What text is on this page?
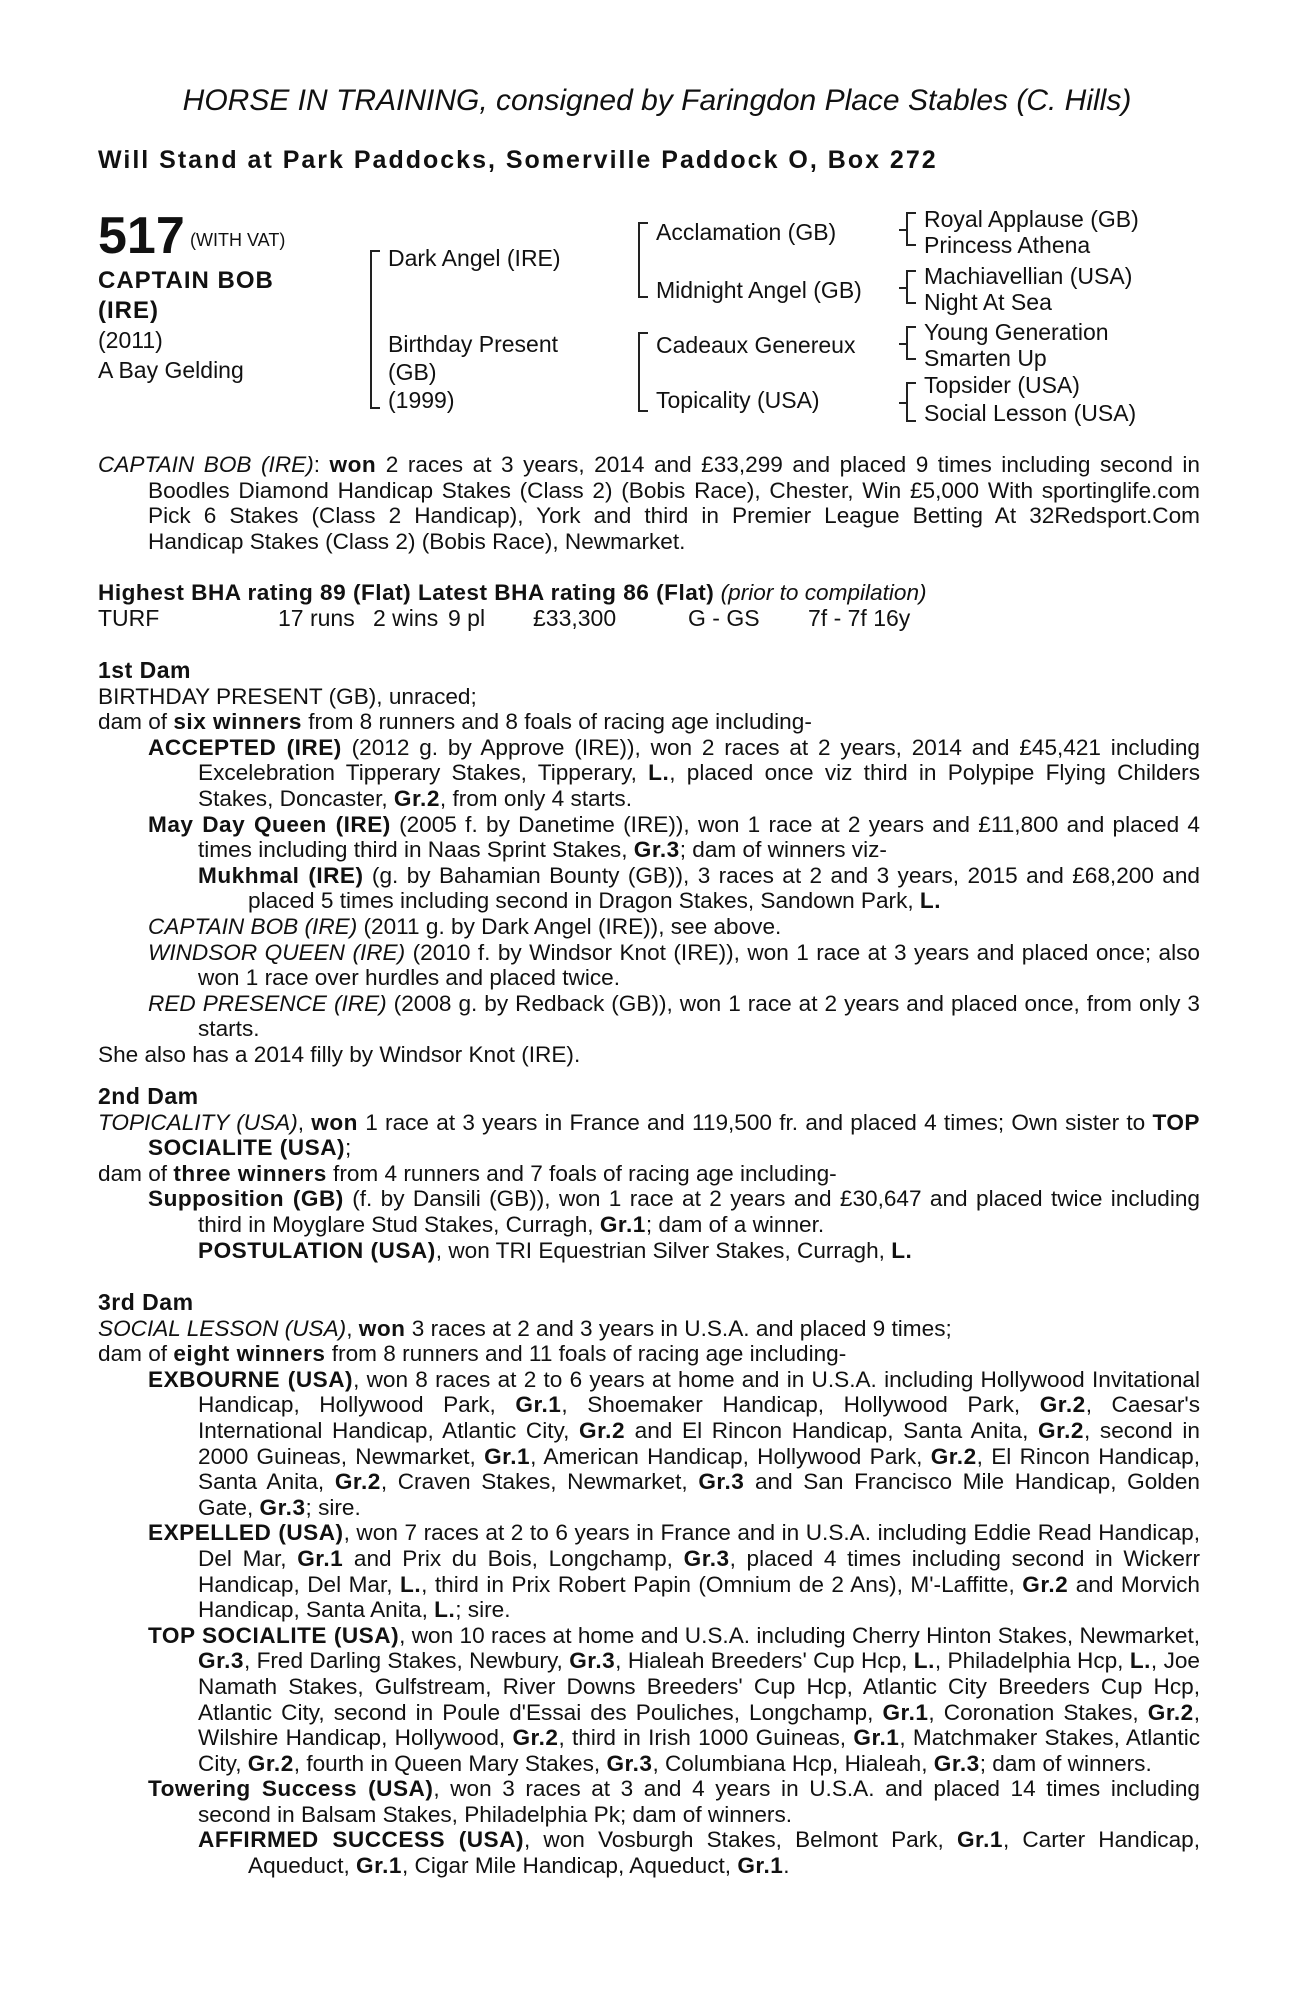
HORSE IN TRAINING, consigned by Faringdon Place Stables (C. Hills)
Will Stand at Park Paddocks, Somerville Paddock O, Box 272
517 (WITH VAT)
CAPTAIN BOB (IRE)
(2011)
A Bay Gelding
Dark Angel (IRE)
Birthday Present
(GB)
(1999)
Acclamation (GB)
Midnight Angel (GB)
Cadeaux Genereux
Topicality (USA)
Royal Applause (GB)
Princess Athena
Machiavellian (USA)
Night At Sea
Young Generation
Smarten Up
Topsider (USA)
Social Lesson (USA)

CAPTAIN BOB (IRE): won 2 races at 3 years, 2014 and £33,299 and placed 9 times including second in Boodles Diamond Handicap Stakes (Class 2) (Bobis Race), Chester, Win £5,000 With sportinglife.com Pick 6 Stakes (Class 2 Handicap), York and third in Premier League Betting At 32Redsport.Com Handicap Stakes (Class 2) (Bobis Race), Newmarket.

Highest BHA rating 89 (Flat) Latest BHA rating 86 (Flat) (prior to compilation)
TURF	17 runs 2 wins 9 pl	£33,300	G - GS	7f - 7f 16y
1st Dam
BIRTHDAY PRESENT (GB), unraced;
dam of six winners from 8 runners and 8 foals of racing age including-

ACCEPTED (IRE) (2012 g. by Approve (IRE)), won 2 races at 2 years, 2014 and £45,421 including Excelebration Tipperary Stakes, Tipperary, L., placed once viz third in Polypipe Flying Childers Stakes, Doncaster, Gr.2, from only 4 starts.

May Day Queen (IRE) (2005 f. by Danetime (IRE)), won 1 race at 2 years and £11,800 and placed 4 times including third in Naas Sprint Stakes, Gr.3; dam of winners viz-

Mukhmal (IRE) (g. by Bahamian Bounty (GB)), 3 races at 2 and 3 years, 2015 and £68,200 and placed 5 times including second in Dragon Stakes, Sandown Park, L.

CAPTAIN BOB (IRE) (2011 g. by Dark Angel (IRE)), see above.

WINDSOR QUEEN (IRE) (2010 f. by Windsor Knot (IRE)), won 1 race at 3 years and placed once; also won 1 race over hurdles and placed twice.

RED PRESENCE (IRE) (2008 g. by Redback (GB)), won 1 race at 2 years and placed once, from only 3 starts.

She also has a 2014 filly by Windsor Knot (IRE).
2nd Dam

TOPICALITY (USA), won 1 race at 3 years in France and 119,500 fr. and placed 4 times; Own sister to TOP SOCIALITE (USA);

dam of three winners from 4 runners and 7 foals of racing age including-

Supposition (GB) (f. by Dansili (GB)), won 1 race at 2 years and £30,647 and placed twice including third in Moyglare Stud Stakes, Curragh, Gr.1; dam of a winner.

POSTULATION (USA), won TRI Equestrian Silver Stakes, Curragh, L.

3rd Dam
SOCIAL LESSON (USA), won 3 races at 2 and 3 years in U.S.A. and placed 9 times;
dam of eight winners from 8 runners and 11 foals of racing age including-

EXBOURNE (USA), won 8 races at 2 to 6 years at home and in U.S.A. including Hollywood Invitational Handicap, Hollywood Park, Gr.1, Shoemaker Handicap, Hollywood Park, Gr.2, Caesar's International Handicap, Atlantic City, Gr.2 and El Rincon Handicap, Santa Anita, Gr.2, second in 2000 Guineas, Newmarket, Gr.1, American Handicap, Hollywood Park, Gr.2, El Rincon Handicap, Santa Anita, Gr.2, Craven Stakes, Newmarket, Gr.3 and San Francisco Mile Handicap, Golden Gate, Gr.3; sire.

EXPELLED (USA), won 7 races at 2 to 6 years in France and in U.S.A. including Eddie Read Handicap, Del Mar, Gr.1 and Prix du Bois, Longchamp, Gr.3, placed 4 times including second in Wickerr Handicap, Del Mar, L., third in Prix Robert Papin (Omnium de 2 Ans), M'-Laffitte, Gr.2 and Morvich Handicap, Santa Anita, L.; sire.

TOP SOCIALITE (USA), won 10 races at home and U.S.A. including Cherry Hinton Stakes, Newmarket, Gr.3, Fred Darling Stakes, Newbury, Gr.3, Hialeah Breeders' Cup Hcp, L., Philadelphia Hcp, L., Joe Namath Stakes, Gulfstream, River Downs Breeders' Cup Hcp, Atlantic City Breeders Cup Hcp, Atlantic City, second in Poule d'Essai des Pouliches, Longchamp, Gr.1, Coronation Stakes, Gr.2, Wilshire Handicap, Hollywood, Gr.2, third in Irish 1000 Guineas, Gr.1, Matchmaker Stakes, Atlantic City, Gr.2, fourth in Queen Mary Stakes, Gr.3, Columbiana Hcp, Hialeah, Gr.3; dam of winners.

Towering Success (USA), won 3 races at 3 and 4 years in U.S.A. and placed 14 times including second in Balsam Stakes, Philadelphia Pk; dam of winners.

AFFIRMED SUCCESS (USA), won Vosburgh Stakes, Belmont Park, Gr.1, Carter Handicap, Aqueduct, Gr.1, Cigar Mile Handicap, Aqueduct, Gr.1.
